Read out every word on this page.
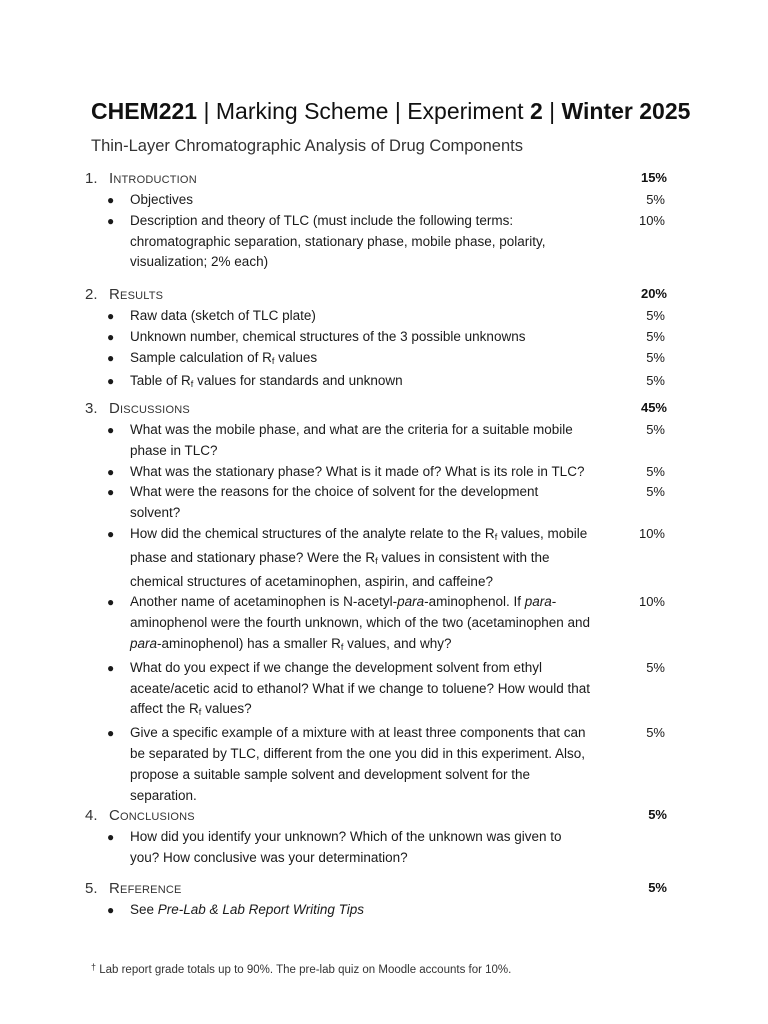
CHEM221 | Marking Scheme | Experiment 2 | Winter 2025
Thin-Layer Chromatographic Analysis of Drug Components
1. Introduction	15%
● Objectives	5%
● Description and theory of TLC (must include the following terms: chromatographic separation, stationary phase, mobile phase, polarity, visualization; 2% each)
10%
2. Results	20%
● Raw data (sketch of TLC plate)	5%
● Unknown number, chemical structures of the 3 possible unknowns	5%
● Sample calculation of $R_f$ values	5%
● Table of $R_f$ values for standards and unknown	5%
3. Discussions	45%
● What was the mobile phase, and what are the criteria for a suitable mobile phase in TLC?
5%
● What was the stationary phase? What is it made of? What is its role in TLC?	5%
● What were the reasons for the choice of solvent for the development solvent?
5%
● How did the chemical structures of the analyte relate to the $R_f$ values, mobile phase and stationary phase? Were the $R_f$ values in consistent with the chemical structures of acetaminophen, aspirin, and caffeine?
10%
● Another name of acetaminophen is N-acetyl-para-aminophenol. If para-aminophenol were the fourth unknown, which of the two (acetaminophen and para-aminophenol) has a smaller $R_f$ values, and why?
10%
● What do you expect if we change the development solvent from ethyl aceate/acetic acid to ethanol? What if we change to toluene? How would that affect the $R_f$ values?
5%
● Give a specific example of a mixture with at least three components that can be separated by TLC, different from the one you did in this experiment. Also, propose a suitable sample solvent and development solvent for the separation.
5%
4. Conclusions	5%
● How did you identify your unknown? Which of the unknown was given to you? How conclusive was your determination?
5. Reference	5%
● See Pre-Lab & Lab Report Writing Tips
† Lab report grade totals up to 90%. The pre-lab quiz on Moodle accounts for 10%.
